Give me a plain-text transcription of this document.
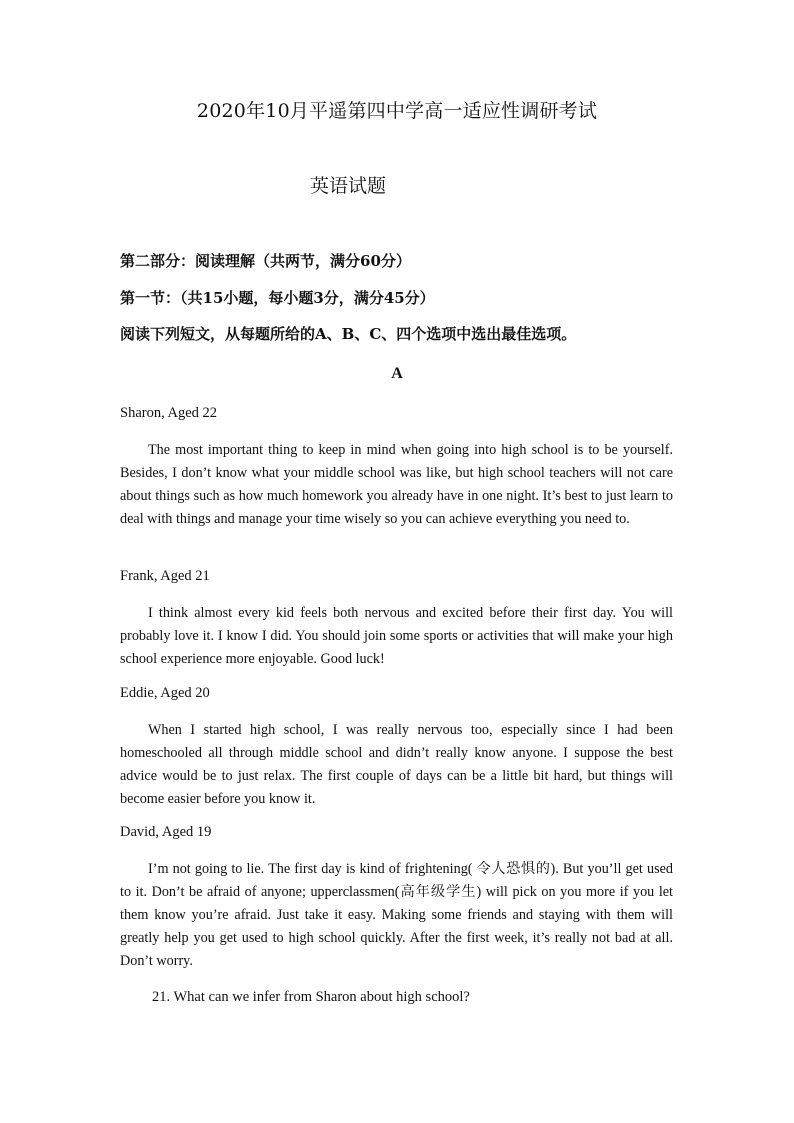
2020年10月平遥第四中学高一适应性调研考试
英语试题
第二部分：阅读理解（共两节，满分60分）
第一节：（共15小题，每小题3分，满分45分）
阅读下列短文，从每题所给的A、B、C、四个选项中选出最佳选项。
A
Sharon, Aged 22
The most important thing to keep in mind when going into high school is to be yourself. Besides, I don’t know what your middle school was like, but high school teachers will not care about things such as how much homework you already have in one night. It’s best to just learn to deal with things and manage your time wisely so you can achieve everything you need to.
Frank, Aged 21
I think almost every kid feels both nervous and excited before their first day. You will probably love it. I know I did. You should join some sports or activities that will make your high school experience more enjoyable. Good luck!
Eddie, Aged 20
When I started high school, I was really nervous too, especially since I had been homeschooled all through middle school and didn’t really know anyone. I suppose the best advice would be to just relax. The first couple of days can be a little bit hard, but things will become easier before you know it.
David, Aged 19
I’m not going to lie. The first day is kind of frightening( 令人恐惧的). But you’ll get used to it. Don’t be afraid of anyone; upperclassmen(高年级学生) will pick on you more if you let them know you’re afraid. Just take it easy. Making some friends and staying with them will greatly help you get used to high school quickly. After the first week, it’s really not bad at all. Don’t worry.
21. What can we infer from Sharon about high school?
